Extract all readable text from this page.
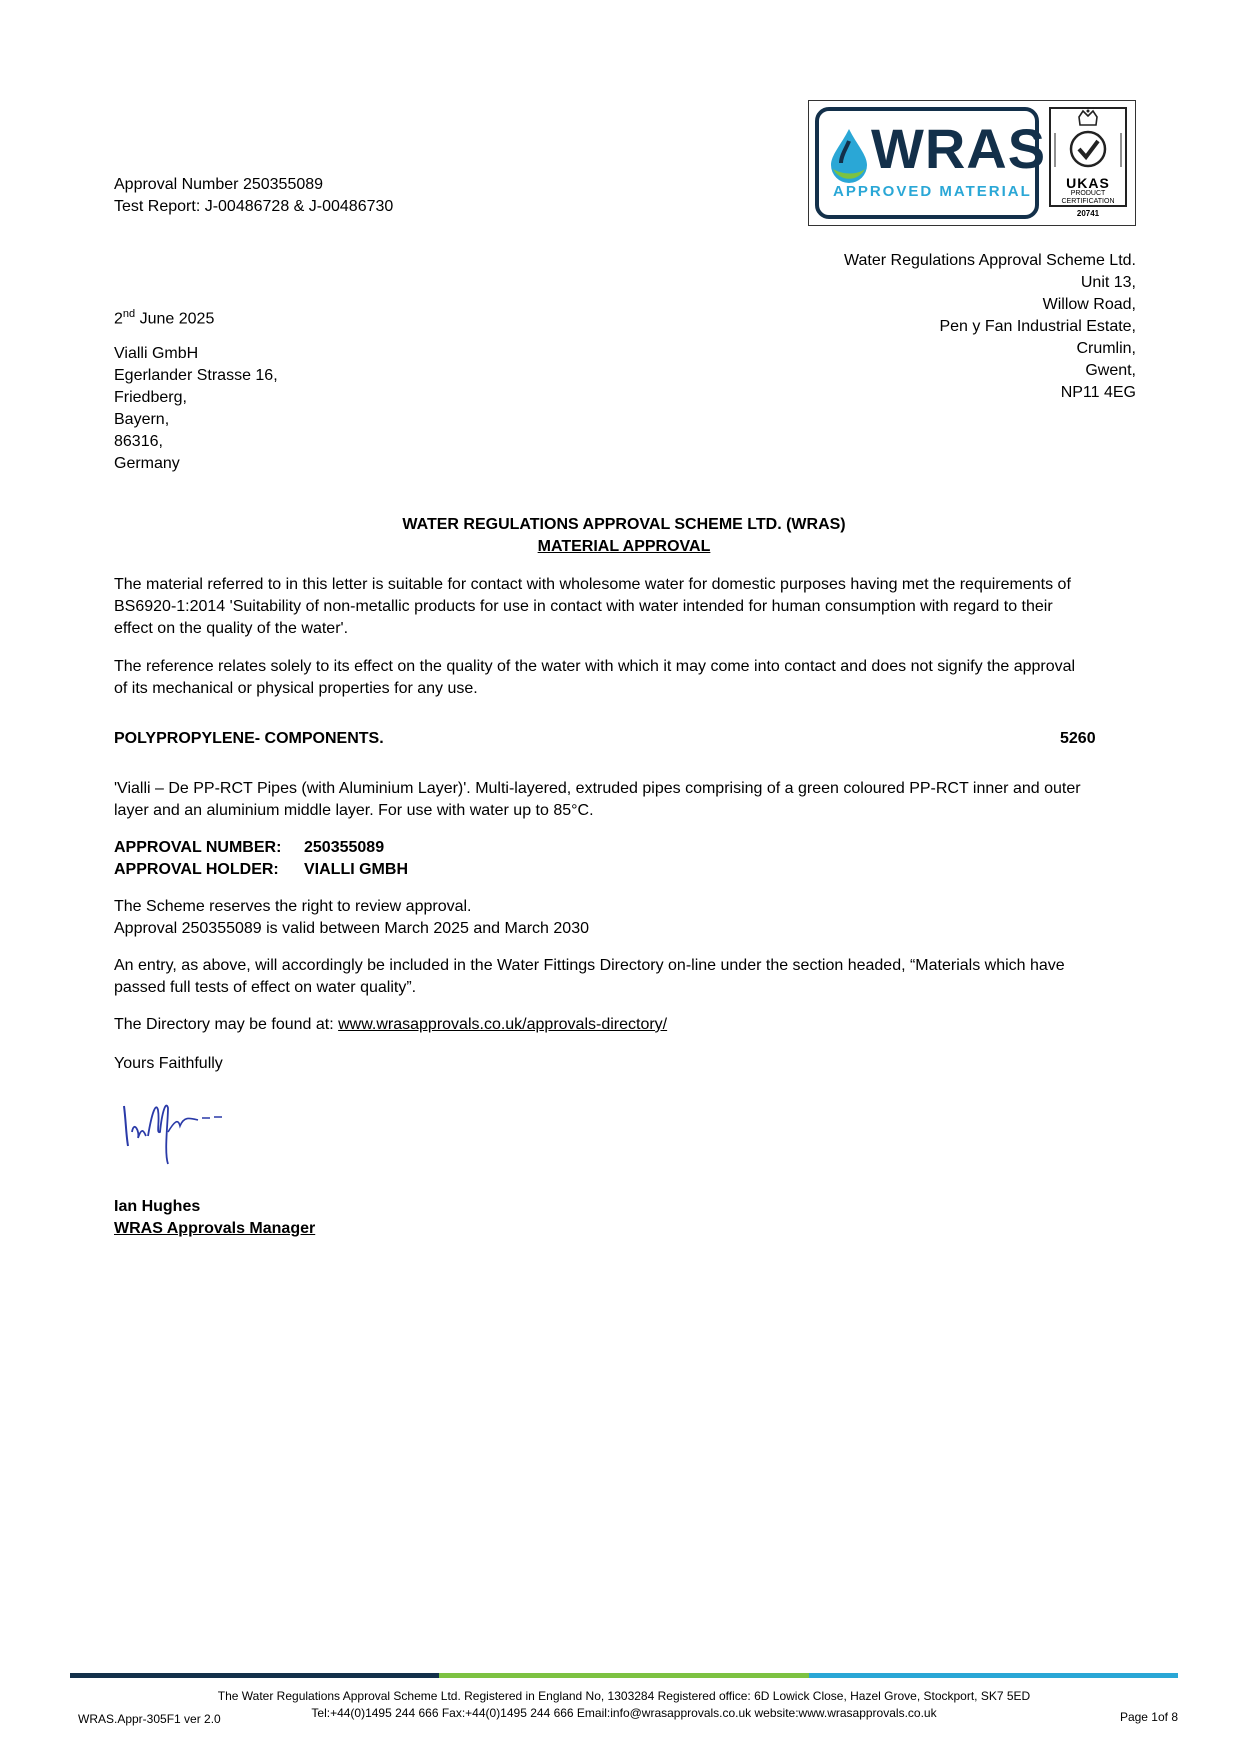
Approval Number 250355089
Test Report: J-00486728 & J-00486730
WRAS
APPROVED MATERIAL	UKAS
PRODUCT CERTIFICATION
20741
Water Regulations Approval Scheme Ltd.
Unit 13,
Willow Road,
Pen y Fan Industrial Estate,
Crumlin,
Gwent,
NP11 4EG
2nd June 2025
Vialli GmbH
Egerlander Strasse 16,
Friedberg,
Bayern,
86316,
Germany
WATER REGULATIONS APPROVAL SCHEME LTD. (WRAS)
MATERIAL APPROVAL
The material referred to in this letter is suitable for contact with wholesome water for domestic purposes having met the requirements of
BS6920-1:2014 'Suitability of non-metallic products for use in contact with water intended for human consumption with regard to their
effect on the quality of the water'.
The reference relates solely to its effect on the quality of the water with which it may come into contact and does not signify the approval
of its mechanical or physical properties for any use.
POLYPROPYLENE- COMPONENTS.	5260
'Vialli – De PP-RCT Pipes (with Aluminium Layer)'. Multi-layered, extruded pipes comprising of a green coloured PP-RCT inner and outer
layer and an aluminium middle layer. For use with water up to 85°C.
APPROVAL NUMBER: 250355089
APPROVAL HOLDER: VIALLI GMBH
The Scheme reserves the right to review approval.
Approval 250355089 is valid between March 2025 and March 2030
An entry, as above, will accordingly be included in the Water Fittings Directory on-line under the section headed, “Materials which have
passed full tests of effect on water quality”.
The Directory may be found at: www.wrasapprovals.co.uk/approvals-directory/
Yours Faithfully
Ian Hughes
WRAS Approvals Manager
The Water Regulations Approval Scheme Ltd. Registered in England No, 1303284 Registered office: 6D Lowick Close, Hazel Grove, Stockport, SK7 5ED
Tel:+44(0)1495 244 666 Fax:+44(0)1495 244 666 Email:info@wrasapprovals.co.uk website:www.wrasapprovals.co.uk
WRAS.Appr-305F1 ver 2.0	Page 1of 8
